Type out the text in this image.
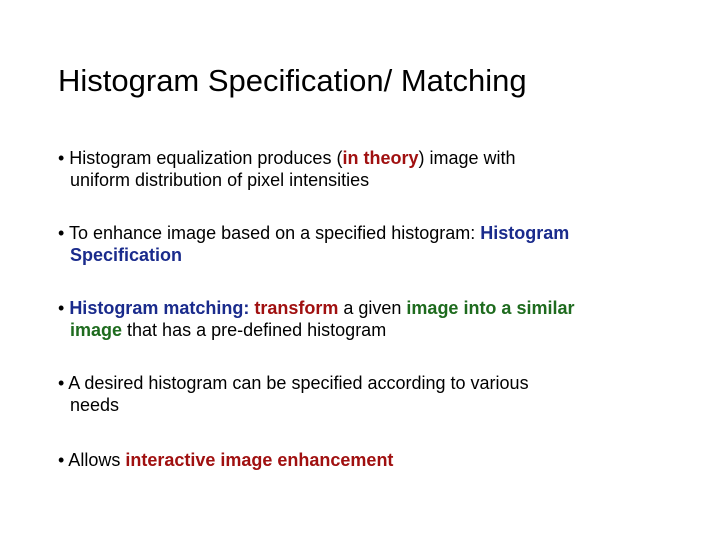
Histogram Specification/ Matching
• Histogram equalization produces (in theory) image with
uniform distribution of pixel intensities
• To enhance image based on a specified histogram: Histogram
Specification
• Histogram matching: transform a given image into a similar
image that has a pre-defined histogram
• A desired histogram can be specified according to various
needs
• Allows interactive image enhancement
